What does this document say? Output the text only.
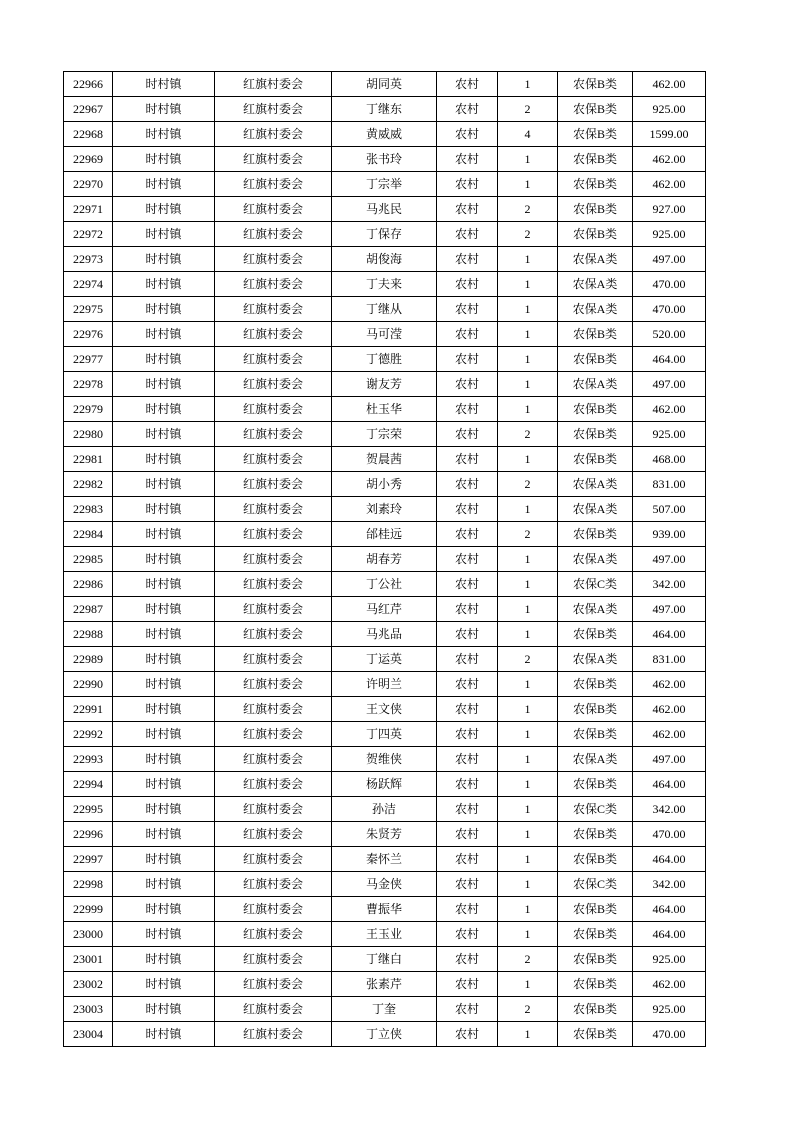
22966	时村镇	红旗村委会	胡同英	农村	1	农保B类	462.00
22967	时村镇	红旗村委会	丁继东	农村	2	农保B类	925.00
22968	时村镇	红旗村委会	黄威威	农村	4	农保B类	1599.00
22969	时村镇	红旗村委会	张书玲	农村	1	农保B类	462.00
22970	时村镇	红旗村委会	丁宗举	农村	1	农保B类	462.00
22971	时村镇	红旗村委会	马兆民	农村	2	农保B类	927.00
22972	时村镇	红旗村委会	丁保存	农村	2	农保B类	925.00
22973	时村镇	红旗村委会	胡俊海	农村	1	农保A类	497.00
22974	时村镇	红旗村委会	丁夫来	农村	1	农保A类	470.00
22975	时村镇	红旗村委会	丁继从	农村	1	农保A类	470.00
22976	时村镇	红旗村委会	马可滢	农村	1	农保B类	520.00
22977	时村镇	红旗村委会	丁德胜	农村	1	农保B类	464.00
22978	时村镇	红旗村委会	谢友芳	农村	1	农保A类	497.00
22979	时村镇	红旗村委会	杜玉华	农村	1	农保B类	462.00
22980	时村镇	红旗村委会	丁宗荣	农村	2	农保B类	925.00
22981	时村镇	红旗村委会	贺晨茜	农村	1	农保B类	468.00
22982	时村镇	红旗村委会	胡小秀	农村	2	农保A类	831.00
22983	时村镇	红旗村委会	刘素玲	农村	1	农保A类	507.00
22984	时村镇	红旗村委会	邰桂远	农村	2	农保B类	939.00
22985	时村镇	红旗村委会	胡春芳	农村	1	农保A类	497.00
22986	时村镇	红旗村委会	丁公社	农村	1	农保C类	342.00
22987	时村镇	红旗村委会	马红芹	农村	1	农保A类	497.00
22988	时村镇	红旗村委会	马兆品	农村	1	农保B类	464.00
22989	时村镇	红旗村委会	丁运英	农村	2	农保A类	831.00
22990	时村镇	红旗村委会	许明兰	农村	1	农保B类	462.00
22991	时村镇	红旗村委会	王文侠	农村	1	农保B类	462.00
22992	时村镇	红旗村委会	丁四英	农村	1	农保B类	462.00
22993	时村镇	红旗村委会	贺维侠	农村	1	农保A类	497.00
22994	时村镇	红旗村委会	杨跃辉	农村	1	农保B类	464.00
22995	时村镇	红旗村委会	孙洁	农村	1	农保C类	342.00
22996	时村镇	红旗村委会	朱贤芳	农村	1	农保B类	470.00
22997	时村镇	红旗村委会	秦怀兰	农村	1	农保B类	464.00
22998	时村镇	红旗村委会	马金侠	农村	1	农保C类	342.00
22999	时村镇	红旗村委会	曹振华	农村	1	农保B类	464.00
23000	时村镇	红旗村委会	王玉业	农村	1	农保B类	464.00
23001	时村镇	红旗村委会	丁继白	农村	2	农保B类	925.00
23002	时村镇	红旗村委会	张素芹	农村	1	农保B类	462.00
23003	时村镇	红旗村委会	丁奎	农村	2	农保B类	925.00
23004	时村镇	红旗村委会	丁立侠	农村	1	农保B类	470.00
